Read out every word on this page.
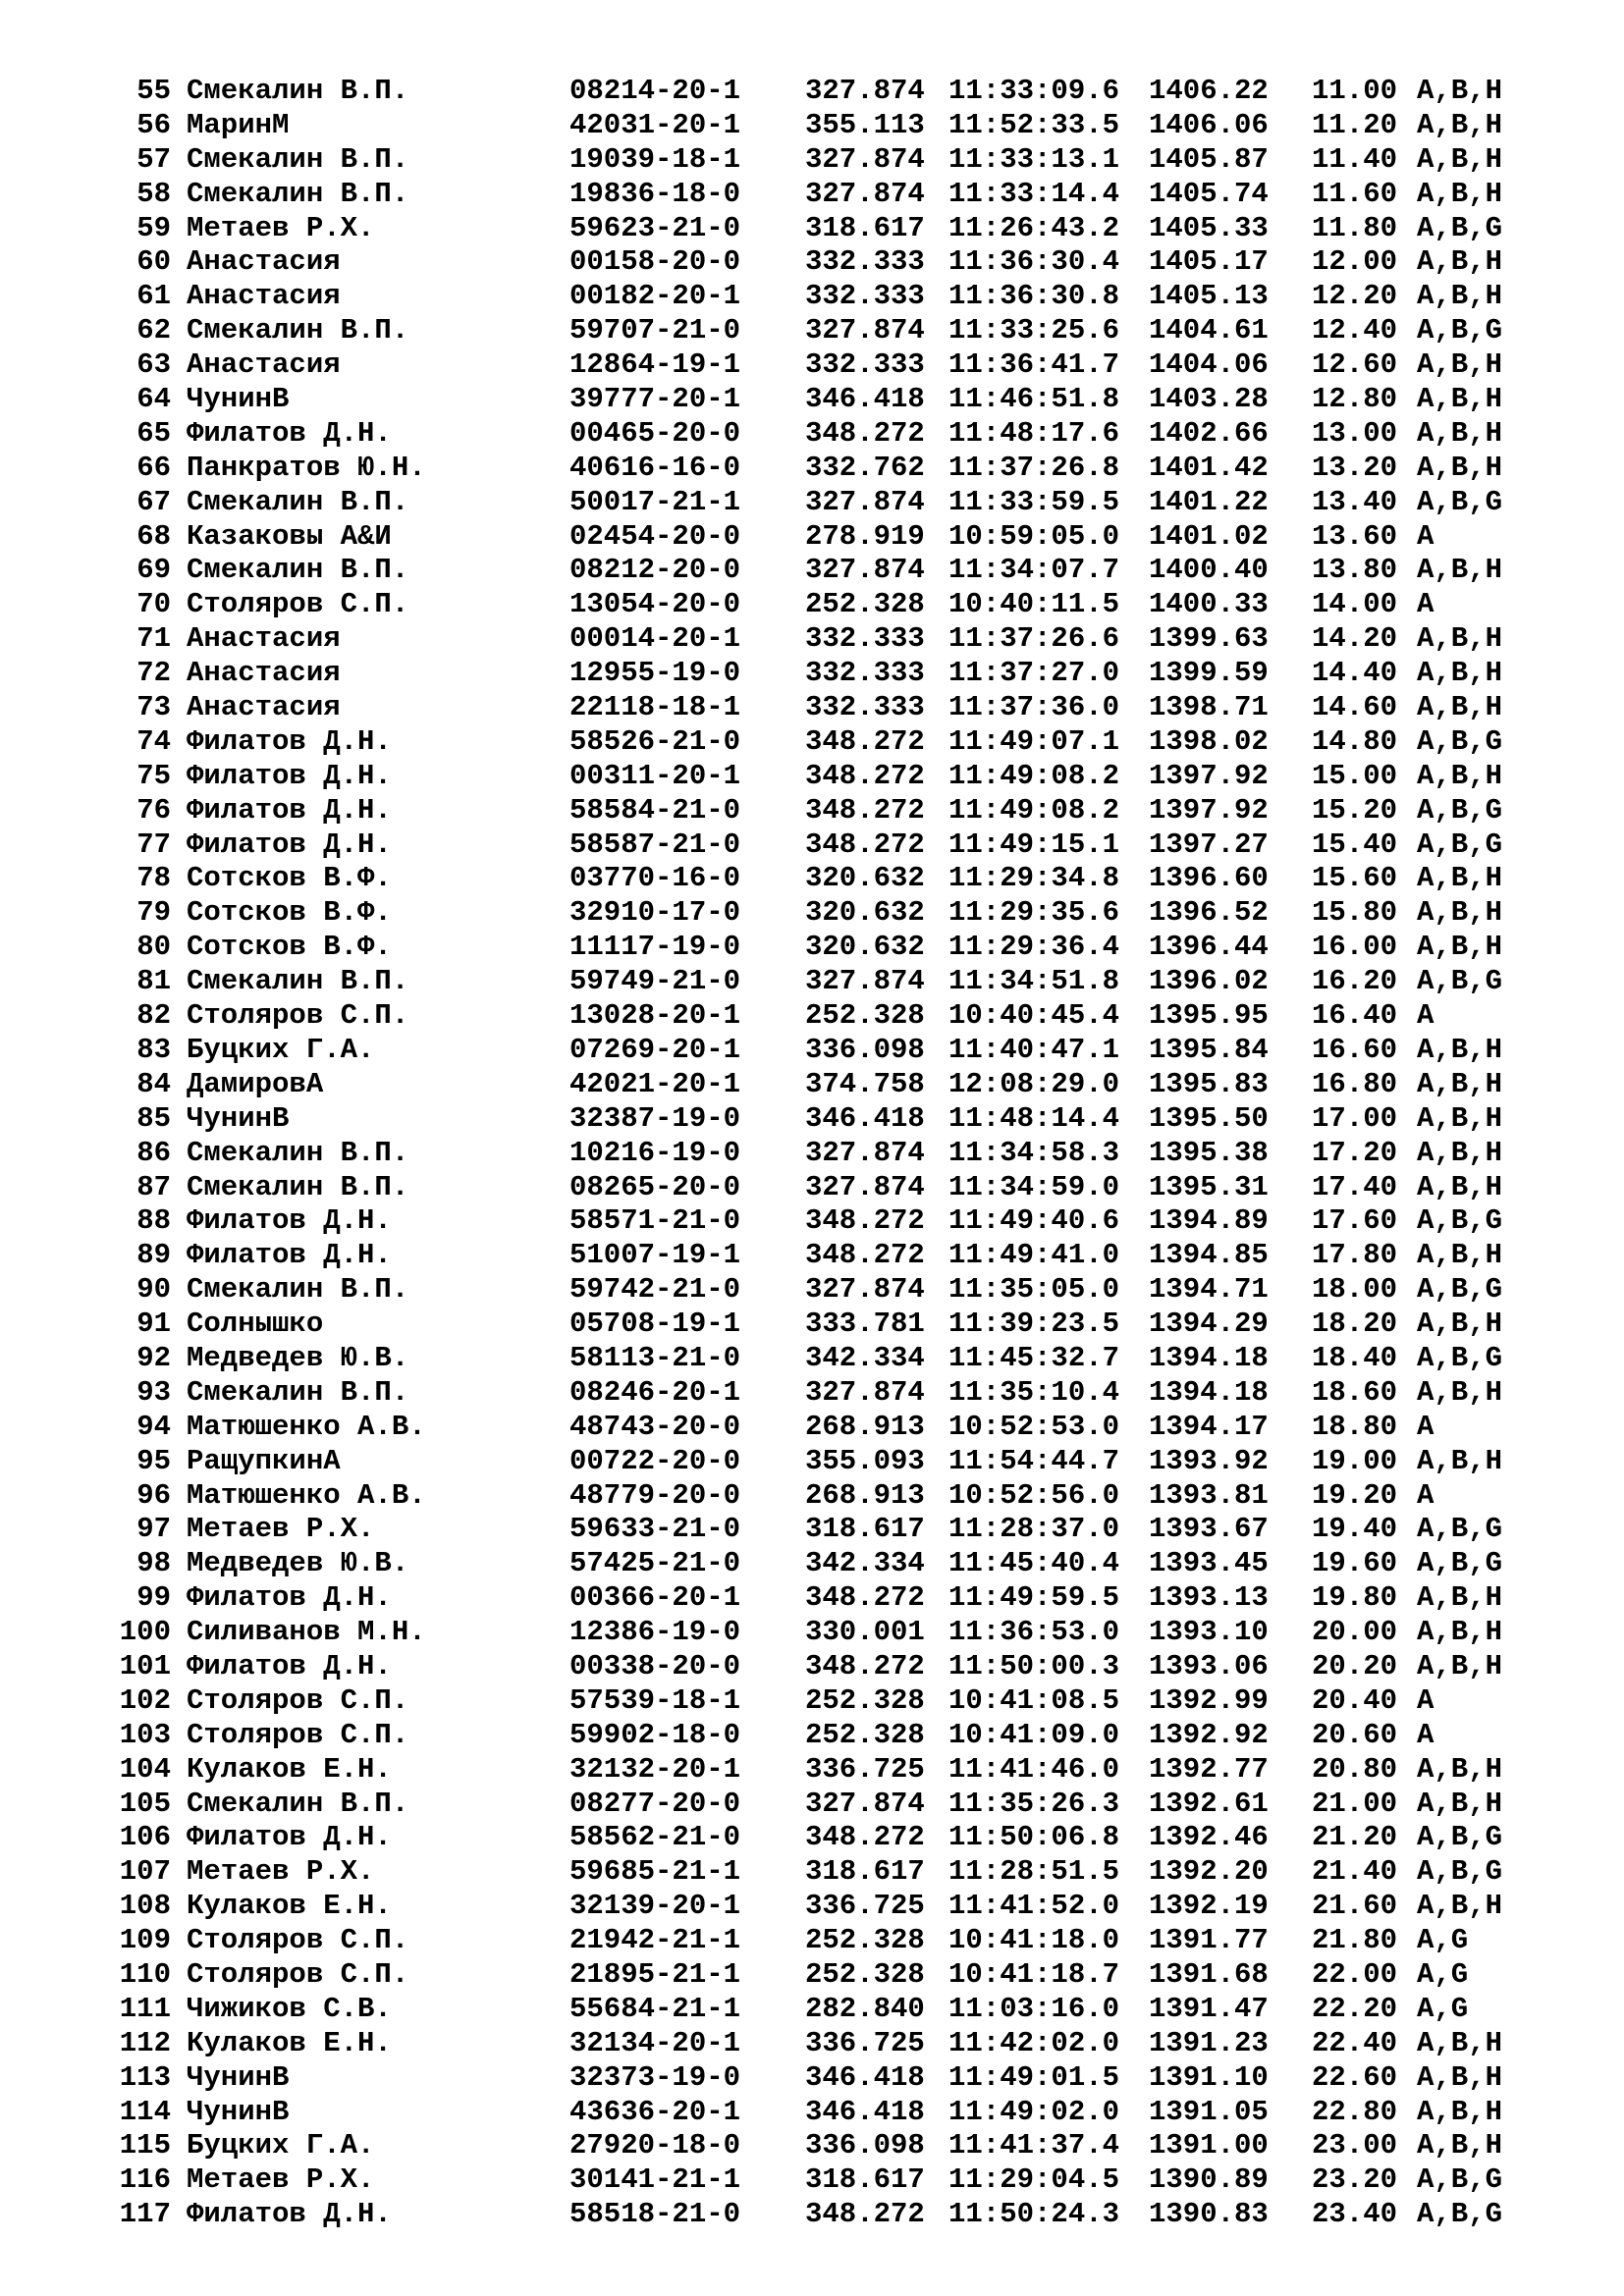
55 Смекалин В.П.	08214-20-1 327.874 11:33:09.6 1406.22 11.00 A,B,H
56 МаринМ	42031-20-1 355.113 11:52:33.5 1406.06 11.20 A,B,H
57 Смекалин В.П.	19039-18-1 327.874 11:33:13.1 1405.87 11.40 A,B,H
58 Смекалин В.П.	19836-18-0 327.874 11:33:14.4 1405.74 11.60 A,B,H
59 Метаев Р.Х.	59623-21-0 318.617 11:26:43.2 1405.33 11.80 A,B,G
60 Анастасия	00158-20-0 332.333 11:36:30.4 1405.17 12.00 A,B,H
61 Анастасия	00182-20-1 332.333 11:36:30.8 1405.13 12.20 A,B,H
62 Смекалин В.П.	59707-21-0 327.874 11:33:25.6 1404.61 12.40 A,B,G
63 Анастасия	12864-19-1 332.333 11:36:41.7 1404.06 12.60 A,B,H
64 ЧунинВ	39777-20-1 346.418 11:46:51.8 1403.28 12.80 A,B,H
65 Филатов Д.Н.	00465-20-0 348.272 11:48:17.6 1402.66 13.00 A,B,H
66 Панкратов Ю.Н.	40616-16-0 332.762 11:37:26.8 1401.42 13.20 A,B,H
67 Смекалин В.П.	50017-21-1 327.874 11:33:59.5 1401.22 13.40 A,B,G
68 Казаковы А&И	02454-20-0 278.919 10:59:05.0 1401.02 13.60 A
69 Смекалин В.П.	08212-20-0 327.874 11:34:07.7 1400.40 13.80 A,B,H
70 Столяров С.П.	13054-20-0 252.328 10:40:11.5 1400.33 14.00 A
71 Анастасия	00014-20-1 332.333 11:37:26.6 1399.63 14.20 A,B,H
72 Анастасия	12955-19-0 332.333 11:37:27.0 1399.59 14.40 A,B,H
73 Анастасия	22118-18-1 332.333 11:37:36.0 1398.71 14.60 A,B,H
74 Филатов Д.Н.	58526-21-0 348.272 11:49:07.1 1398.02 14.80 A,B,G
75 Филатов Д.Н.	00311-20-1 348.272 11:49:08.2 1397.92 15.00 A,B,H
76 Филатов Д.Н.	58584-21-0 348.272 11:49:08.2 1397.92 15.20 A,B,G
77 Филатов Д.Н.	58587-21-0 348.272 11:49:15.1 1397.27 15.40 A,B,G
78 Сотсков В.Ф.	03770-16-0 320.632 11:29:34.8 1396.60 15.60 A,B,H
79 Сотсков В.Ф.	32910-17-0 320.632 11:29:35.6 1396.52 15.80 A,B,H
80 Сотсков В.Ф.	11117-19-0 320.632 11:29:36.4 1396.44 16.00 A,B,H
81 Смекалин В.П.	59749-21-0 327.874 11:34:51.8 1396.02 16.20 A,B,G
82 Столяров С.П.	13028-20-1 252.328 10:40:45.4 1395.95 16.40 A
83 Буцких Г.А.	07269-20-1 336.098 11:40:47.1 1395.84 16.60 A,B,H
84 ДамировА	42021-20-1 374.758 12:08:29.0 1395.83 16.80 A,B,H
85 ЧунинВ	32387-19-0 346.418 11:48:14.4 1395.50 17.00 A,B,H
86 Смекалин В.П.	10216-19-0 327.874 11:34:58.3 1395.38 17.20 A,B,H
87 Смекалин В.П.	08265-20-0 327.874 11:34:59.0 1395.31 17.40 A,B,H
88 Филатов Д.Н.	58571-21-0 348.272 11:49:40.6 1394.89 17.60 A,B,G
89 Филатов Д.Н.	51007-19-1 348.272 11:49:41.0 1394.85 17.80 A,B,H
90 Смекалин В.П.	59742-21-0 327.874 11:35:05.0 1394.71 18.00 A,B,G
91 Солнышко	05708-19-1 333.781 11:39:23.5 1394.29 18.20 A,B,H
92 Медведев Ю.В.	58113-21-0 342.334 11:45:32.7 1394.18 18.40 A,B,G
93 Смекалин В.П.	08246-20-1 327.874 11:35:10.4 1394.18 18.60 A,B,H
94 Матюшенко А.В.	48743-20-0 268.913 10:52:53.0 1394.17 18.80 A
95 РащупкинА	00722-20-0 355.093 11:54:44.7 1393.92 19.00 A,B,H
96 Матюшенко А.В.	48779-20-0 268.913 10:52:56.0 1393.81 19.20 A
97 Метаев Р.Х.	59633-21-0 318.617 11:28:37.0 1393.67 19.40 A,B,G
98 Медведев Ю.В.	57425-21-0 342.334 11:45:40.4 1393.45 19.60 A,B,G
99 Филатов Д.Н.	00366-20-1 348.272 11:49:59.5 1393.13 19.80 A,B,H
100 Силиванов М.Н.	12386-19-0 330.001 11:36:53.0 1393.10 20.00 A,B,H
101 Филатов Д.Н.	00338-20-0 348.272 11:50:00.3 1393.06 20.20 A,B,H
102 Столяров С.П.	57539-18-1 252.328 10:41:08.5 1392.99 20.40 A
103 Столяров С.П.	59902-18-0 252.328 10:41:09.0 1392.92 20.60 A
104 Кулаков Е.Н.	32132-20-1 336.725 11:41:46.0 1392.77 20.80 A,B,H
105 Смекалин В.П.	08277-20-0 327.874 11:35:26.3 1392.61 21.00 A,B,H
106 Филатов Д.Н.	58562-21-0 348.272 11:50:06.8 1392.46 21.20 A,B,G
107 Метаев Р.Х.	59685-21-1 318.617 11:28:51.5 1392.20 21.40 A,B,G
108 Кулаков Е.Н.	32139-20-1 336.725 11:41:52.0 1392.19 21.60 A,B,H
109 Столяров С.П.	21942-21-1 252.328 10:41:18.0 1391.77 21.80 A,G
110 Столяров С.П.	21895-21-1 252.328 10:41:18.7 1391.68 22.00 A,G
111 Чижиков С.В.	55684-21-1 282.840 11:03:16.0 1391.47 22.20 A,G
112 Кулаков Е.Н.	32134-20-1 336.725 11:42:02.0 1391.23 22.40 A,B,H
113 ЧунинВ	32373-19-0 346.418 11:49:01.5 1391.10 22.60 A,B,H
114 ЧунинВ	43636-20-1 346.418 11:49:02.0 1391.05 22.80 A,B,H
115 Буцких Г.А.	27920-18-0 336.098 11:41:37.4 1391.00 23.00 A,B,H
116 Метаев Р.Х.	30141-21-1 318.617 11:29:04.5 1390.89 23.20 A,B,G
117 Филатов Д.Н.	58518-21-0 348.272 11:50:24.3 1390.83 23.40 A,B,G
